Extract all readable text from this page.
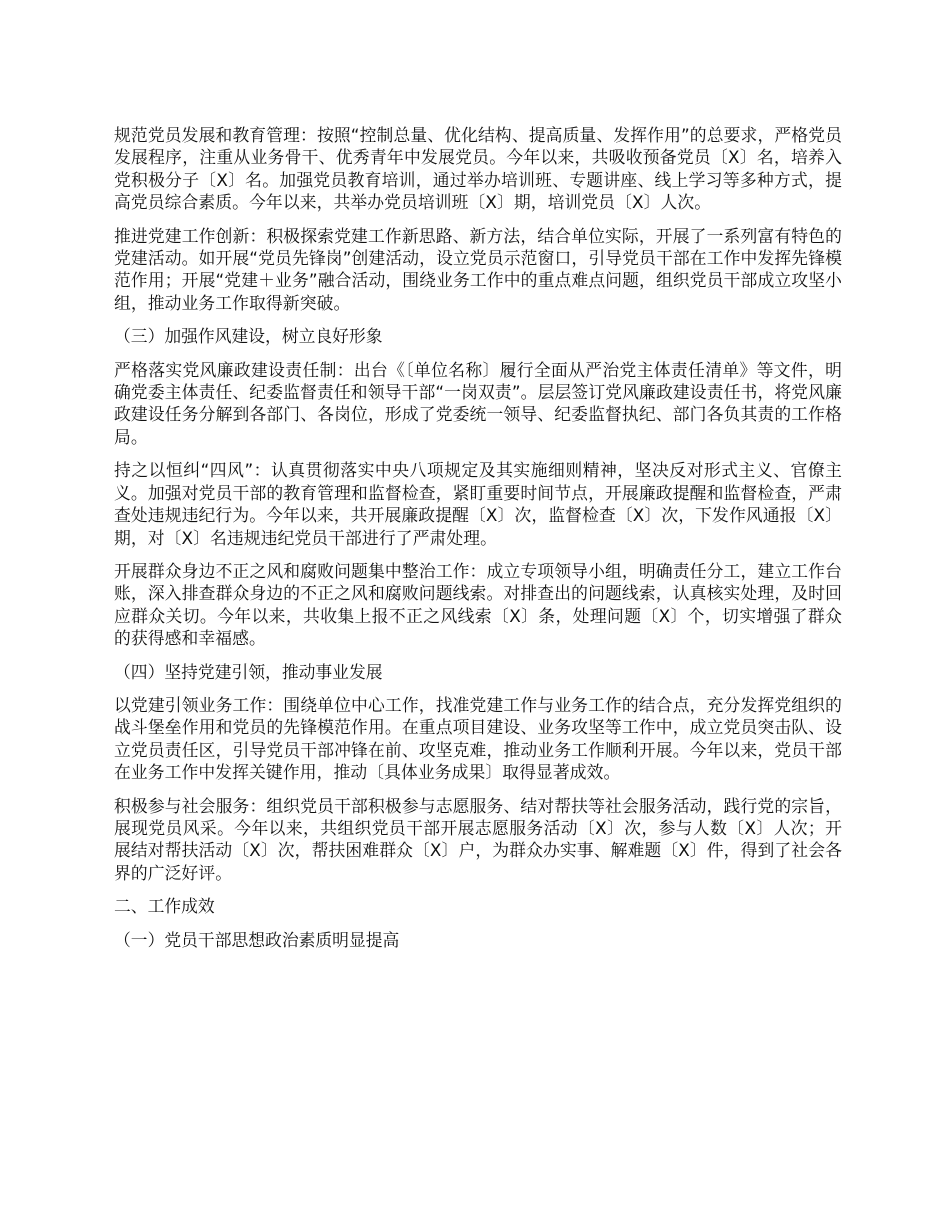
规范党员发展和教育管理：按照“控制总量、优化结构、提高质量、发挥作用”的总要求，严格党员发展程序，注重从业务骨干、优秀青年中发展党员。今年以来，共吸收预备党员〔X〕名，培养入党积极分子〔X〕名。加强党员教育培训，通过举办培训班、专题讲座、线上学习等多种方式，提高党员综合素质。今年以来，共举办党员培训班〔X〕期，培训党员〔X〕人次。

推进党建工作创新：积极探索党建工作新思路、新方法，结合单位实际，开展了一系列富有特色的党建活动。如开展“党员先锋岗”创建活动，设立党员示范窗口，引导党员干部在工作中发挥先锋模范作用；开展“党建＋业务”融合活动，围绕业务工作中的重点难点问题，组织党员干部成立攻坚小组，推动业务工作取得新突破。

（三）加强作风建设，树立良好形象

严格落实党风廉政建设责任制：出台《〔单位名称〕履行全面从严治党主体责任清单》等文件，明确党委主体责任、纪委监督责任和领导干部“一岗双责”。层层签订党风廉政建设责任书，将党风廉政建设任务分解到各部门、各岗位，形成了党委统一领导、纪委监督执纪、部门各负其责的工作格局。

持之以恒纠“四风”：认真贯彻落实中央八项规定及其实施细则精神，坚决反对形式主义、官僚主义。加强对党员干部的教育管理和监督检查，紧盯重要时间节点，开展廉政提醒和监督检查，严肃查处违规违纪行为。今年以来，共开展廉政提醒〔X〕次，监督检查〔X〕次，下发作风通报〔X〕期，对〔X〕名违规违纪党员干部进行了严肃处理。

开展群众身边不正之风和腐败问题集中整治工作：成立专项领导小组，明确责任分工，建立工作台账，深入排查群众身边的不正之风和腐败问题线索。对排查出的问题线索，认真核实处理，及时回应群众关切。今年以来，共收集上报不正之风线索〔X〕条，处理问题〔X〕个，切实增强了群众的获得感和幸福感。

（四）坚持党建引领，推动事业发展

以党建引领业务工作：围绕单位中心工作，找准党建工作与业务工作的结合点，充分发挥党组织的战斗堡垒作用和党员的先锋模范作用。在重点项目建设、业务攻坚等工作中，成立党员突击队、设立党员责任区，引导党员干部冲锋在前、攻坚克难，推动业务工作顺利开展。今年以来，党员干部在业务工作中发挥关键作用，推动〔具体业务成果〕取得显著成效。

积极参与社会服务：组织党员干部积极参与志愿服务、结对帮扶等社会服务活动，践行党的宗旨，展现党员风采。今年以来，共组织党员干部开展志愿服务活动〔X〕次，参与人数〔X〕人次；开展结对帮扶活动〔X〕次，帮扶困难群众〔X〕户，为群众办实事、解难题〔X〕件，得到了社会各界的广泛好评。

二、工作成效

（一）党员干部思想政治素质明显提高
